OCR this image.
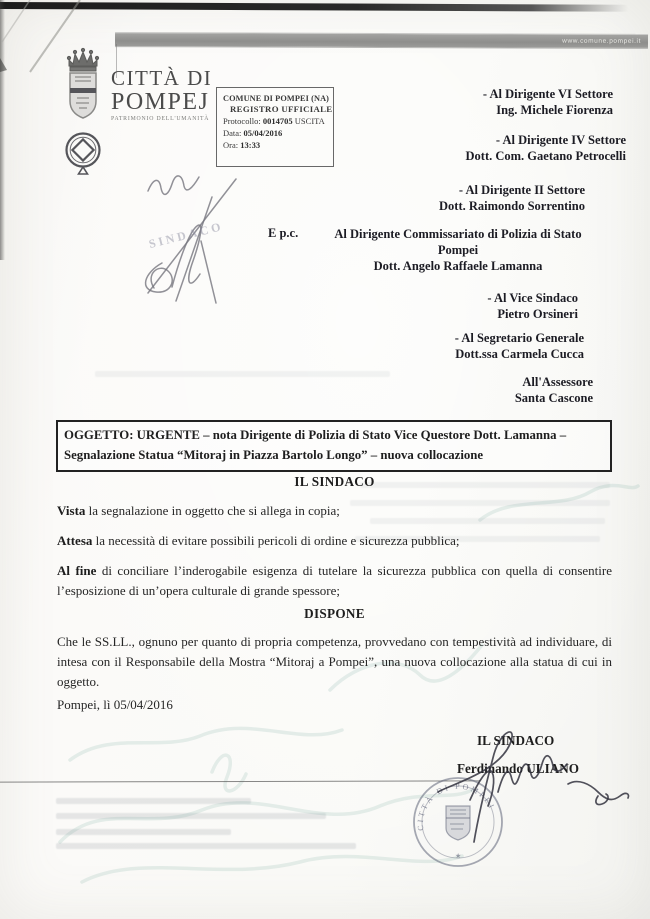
www.comune.pompei.it
CITTÀ DI
POMPEJ
PATRIMONIO DELL'UMANITÀ
COMUNE DI POMPEI (NA)
REGISTRO UFFICIALE
Protocollo: 0014705 USCITA
Data: 05/04/2016
Ora: 13:33
- Al Dirigente VI Settore
Ing. Michele Fiorenza
- Al Dirigente IV Settore
Dott. Com. Gaetano Petrocelli
- Al Dirigente II Settore
Dott. Raimondo Sorrentino
E p.c.	Al Dirigente Commissariato di Polizia di Stato
Pompei
Dott. Angelo Raffaele Lamanna
- Al Vice Sindaco
Pietro Orsineri
- Al Segretario Generale
Dott.ssa Carmela Cucca
All'Assessore
Santa Cascone
SINDACO
OGGETTO: URGENTE – nota Dirigente di Polizia di Stato Vice Questore Dott. Lamanna –
Segnalazione Statua “Mitoraj in Piazza Bartolo Longo” – nuova collocazione
IL SINDACO
Vista la segnalazione in oggetto che si allega in copia;
Attesa la necessità di evitare possibili pericoli di ordine e sicurezza pubblica;
Al fine di conciliare l’inderogabile esigenza di tutelare la sicurezza pubblica con quella di consentire l’esposizione di un’opera culturale di grande spessore;
DISPONE
Che le SS.LL., ognuno per quanto di propria competenza, provvedano con tempestività ad individuare, di intesa con il Responsabile della Mostra “Mitoraj a Pompei”, una nuova collocazione alla statua di cui in oggetto.
Pompei, lì 05/04/2016
IL SINDACO
Ferdinando ULIANO
CITTÀ DI POMPEI
★
